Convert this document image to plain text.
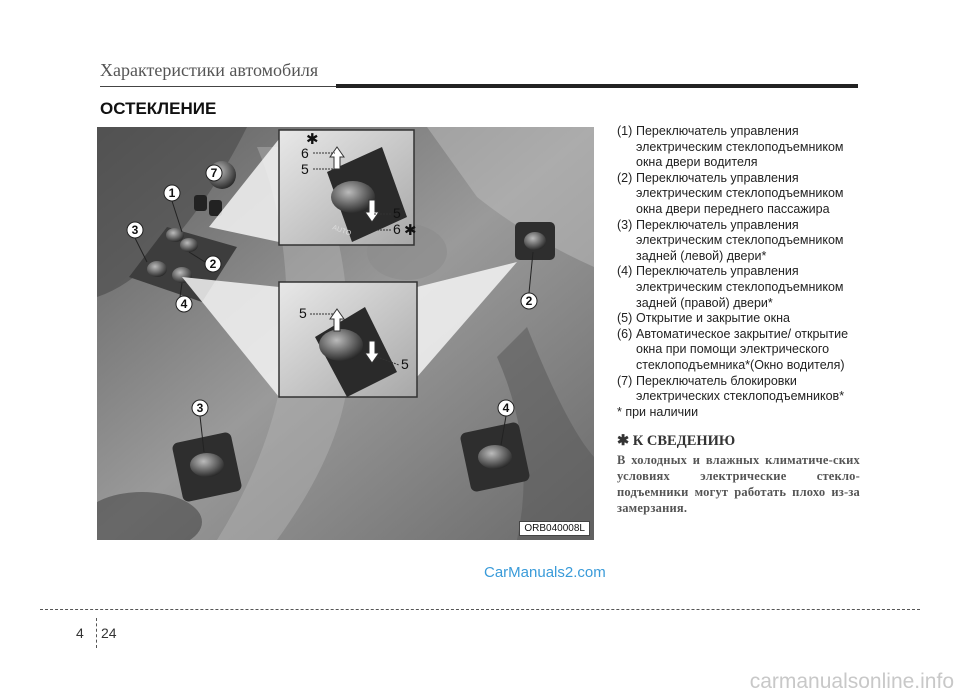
Характеристики автомобиля
ОСТЕКЛЕНИЕ
AUTO
6
5
✱
5
6 ✱
5
5
1
7
3
2
4	2
3	4
ORB040008L
(1) Переключатель управления электрическим стеклоподъемником окна двери водителя
(2) Переключатель управления электрическим стеклоподъемником окна двери переднего пассажира
(3) Переключатель управления электрическим стеклоподъемником задней (левой) двери*
(4) Переключатель управления электрическим стеклоподъемником задней (правой) двери*
(5) Открытие и закрытие окна
(6) Автоматическое закрытие/ открытие окна при помощи электрического стеклоподъемника*(Окно водителя)
(7) Переключатель блокировки электрических стеклоподъемников*
* при наличии
✱ К СВЕДЕНИЮ
В холодных и влажных климатиче-ских условиях электрические стекло-подъемники могут работать плохо из-за замерзания.
CarManuals2.com
4 24
carmanualsonline.info
